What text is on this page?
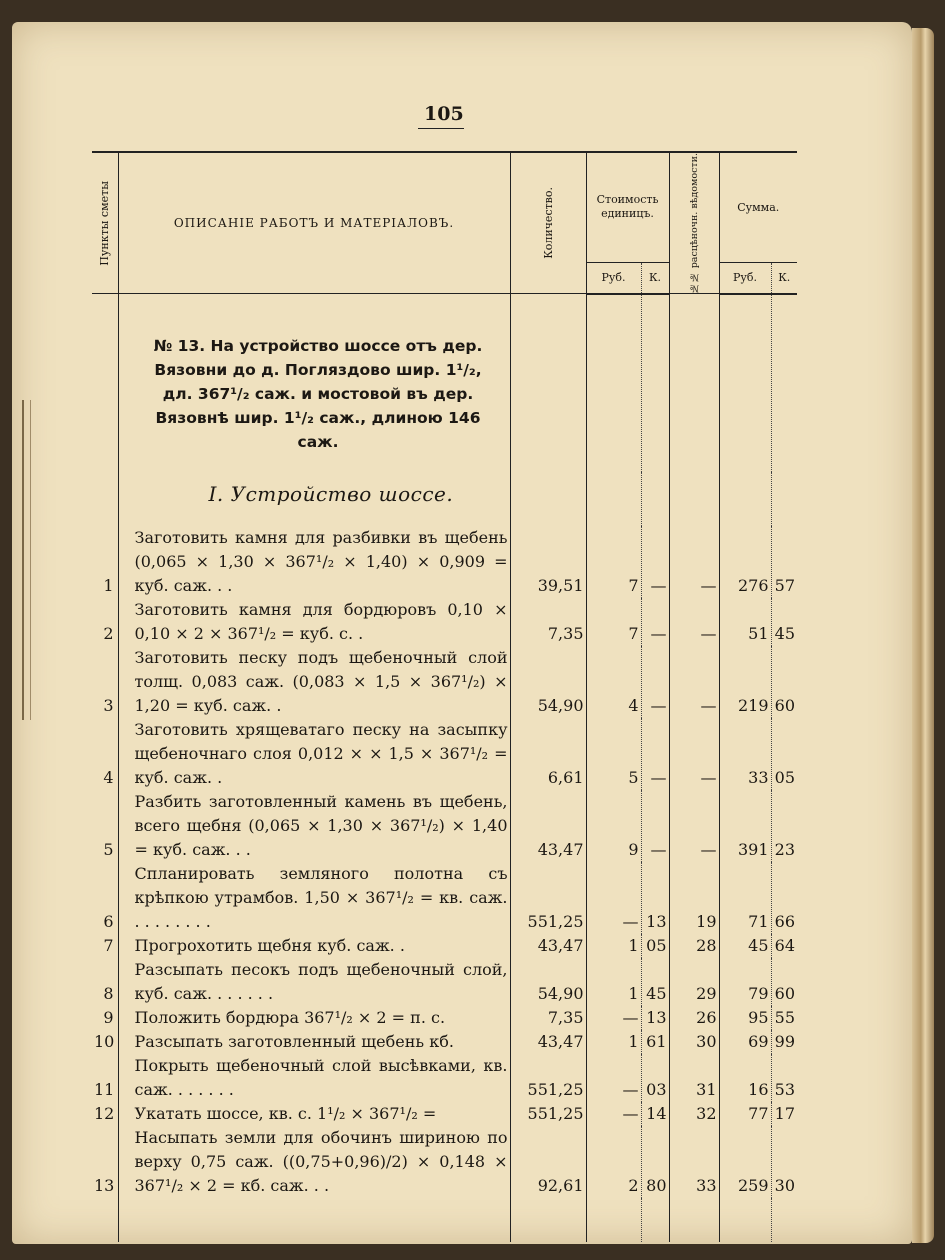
105
Пункты сметы	ОПИСАНІЕ РАБОТЪ И МАТЕРІАЛОВЪ.	Количество.	Стоимость единицъ.		№№ расцѣночн. вѣдомости.	Сумма.	
			Руб.	К.		Руб.	К.
	№ 13. На устройство шоссе отъ дер. Вязовни до д. Погляздово шир. 1¹/₂, дл. 367¹/₂ саж. и мостовой въ дер. Вязовнѣ шир. 1¹/₂ саж., длиною 146 саж.						
	I. Устройство шоссе.						
1	Заготовить камня для разбивки въ щебень (0,065 × 1,30 × 367¹/₂ × 1,40) × 0,909 = куб. саж. . .	39,51	7	—	—	276	57
2	Заготовить камня для бордюровъ 0,10 × 0,10 × 2 × 367¹/₂ = куб. с. .	7,35	7	—	—	51	45
3	Заготовить песку подъ щебеночный слой толщ. 0,083 саж. (0,083 × 1,5 × 367¹/₂) × 1,20 = куб. саж. .	54,90	4	—	—	219	60
4	Заготовить хрящеватаго песку на засыпку щебеночнаго слоя 0,012 × × 1,5 × 367¹/₂ = куб. саж. .	6,61	5	—	—	33	05
5	Разбить заготовленный камень въ щебень, всего щебня (0,065 × 1,30 × 367¹/₂) × 1,40 = куб. саж. . .	43,47	9	—	—	391	23
6	Спланировать земляного полотна съ крѣпкою утрамбов. 1,50 × 367¹/₂ = кв. саж. . . . . . . . .	551,25	—	13	19	71	66
7	Прогрохотить щебня куб. саж. .	43,47	1	05	28	45	64
8	Разсыпать песокъ подъ щебеночный слой, куб. саж. . . . . . .	54,90	1	45	29	79	60
9	Положить бордюра 367¹/₂ × 2 = п. с.	7,35	—	13	26	95	55
10	Разсыпать заготовленный щебень кб.	43,47	1	61	30	69	99
11	Покрыть щебеночный слой высѣвками, кв. саж. . . . . . .	551,25	—	03	31	16	53
12	Укатать шоссе, кв. с. 1¹/₂ × 367¹/₂ =	551,25	—	14	32	77	17
13	Насыпать земли для обочинъ шириною по верху 0,75 саж. ((0,75+0,96)/2) × 0,148 × 367¹/₂ × 2 = кб. саж. . .	92,61	2	80	33	259	30
